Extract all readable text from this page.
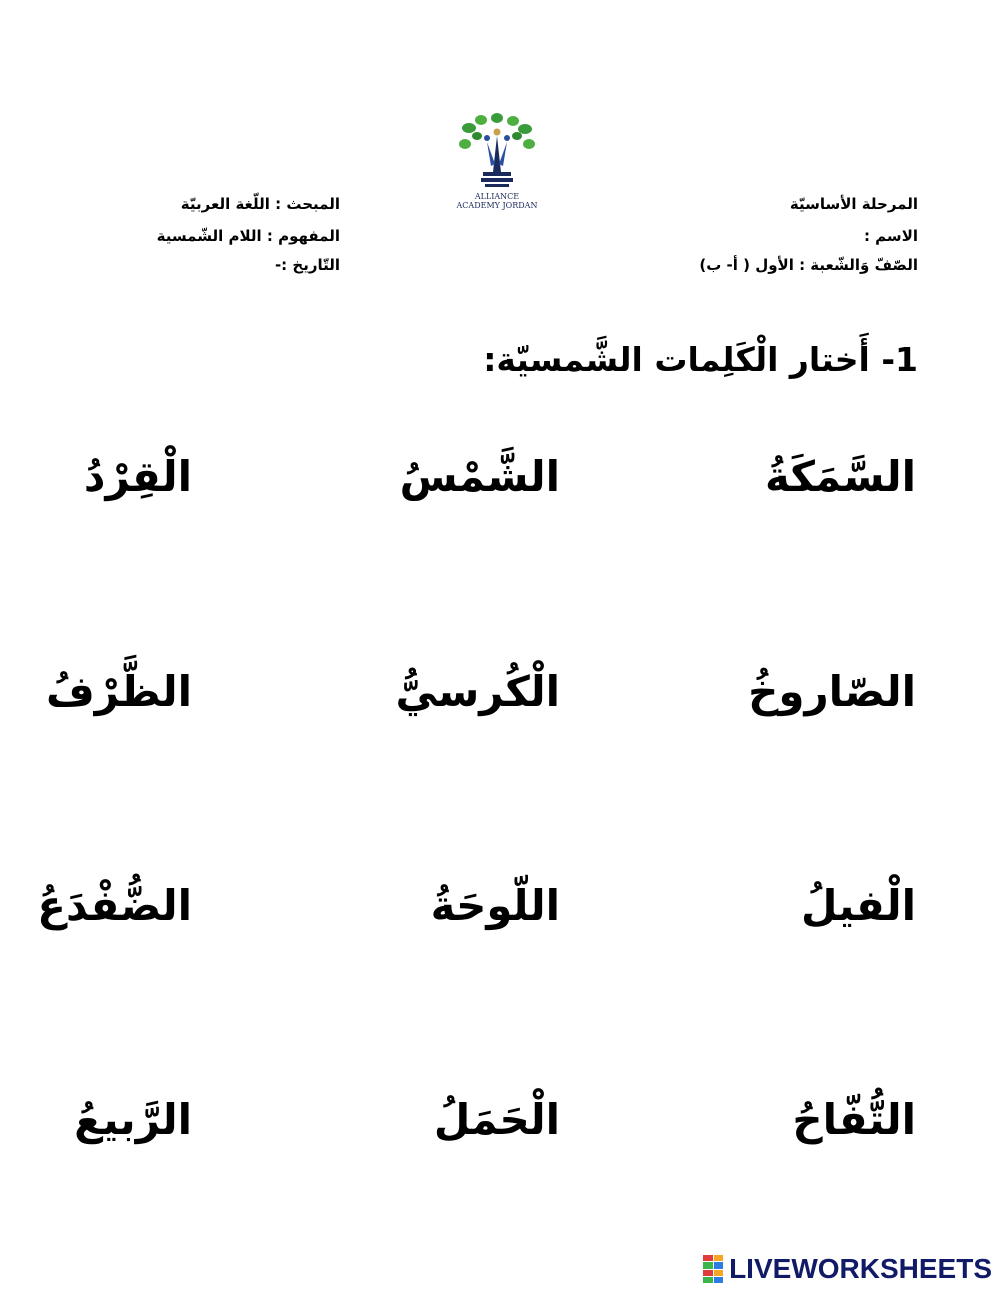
المرحلة الأساسيّة
الاسم :
الصّفّ وَالشّعبة : الأول ( أ- ب)
المبحث : اللّغة العربيّة
المفهوم : اللام الشّمسية
التّاريخ :-
ALLIANCE ACADEMY JORDAN
1- أَختار الْكَلِمات الشَّمسيّة:
السَّمَكَةُ
الشَّمْسُ
الْقِرْدُ
الصّاروخُ
الْكُرسيُّ
الظَّرْفُ
الْفيلُ
اللّوحَةُ
الضُّفْدَعُ
التُّفّاحُ
الْحَمَلُ
الرَّبيعُ
LIVEWORKSHEETS
